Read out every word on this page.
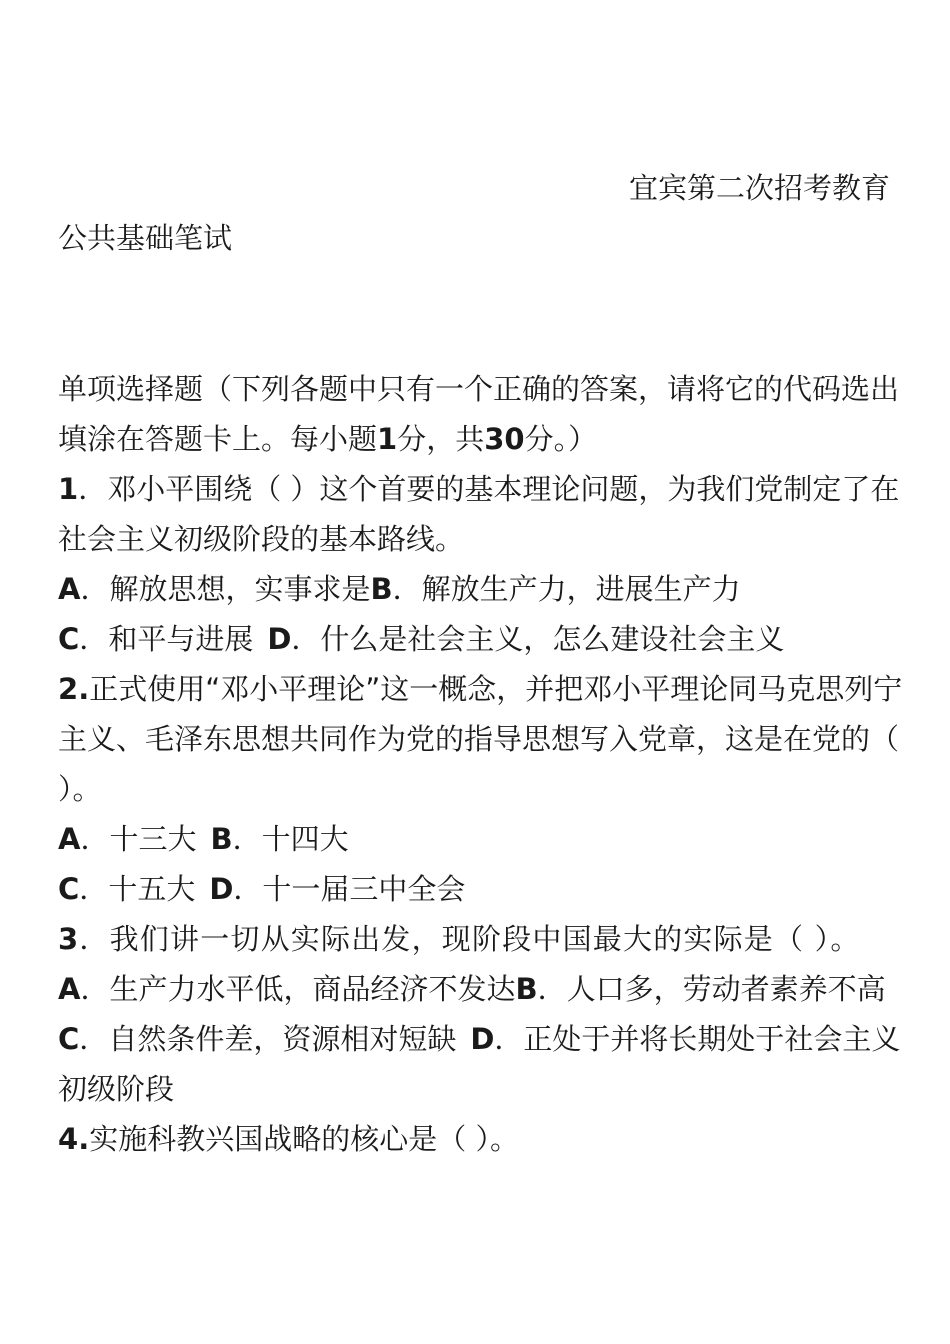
宜宾第二次招考教育
公共基础笔试

单项选择题（下列各题中只有一个正确的答案，请将它的代码选出填涂在答题卡上。每小题1分，共30分。）

1．邓小平围绕（ ）这个首要的基本理论问题，为我们党制定了在社会主义初级阶段的基本路线。

A．解放思想，实事求是B．解放生产力，进展生产力

C．和平与进展 D．什么是社会主义，怎么建设社会主义

2.正式使用“邓小平理论”这一概念，并把邓小平理论同马克思列宁主义、毛泽东思想共同作为党的指导思想写入党章，这是在党的（ ）。

A．十三大 B．十四大

C．十五大 D．十一届三中全会

3．我们讲一切从实际出发，现阶段中国最大的实际是（ ）。

A．生产力水平低，商品经济不发达B．人口多，劳动者素养不高

C．自然条件差，资源相对短缺 D．正处于并将长期处于社会主义初级阶段

4.实施科教兴国战略的核心是（ ）。
